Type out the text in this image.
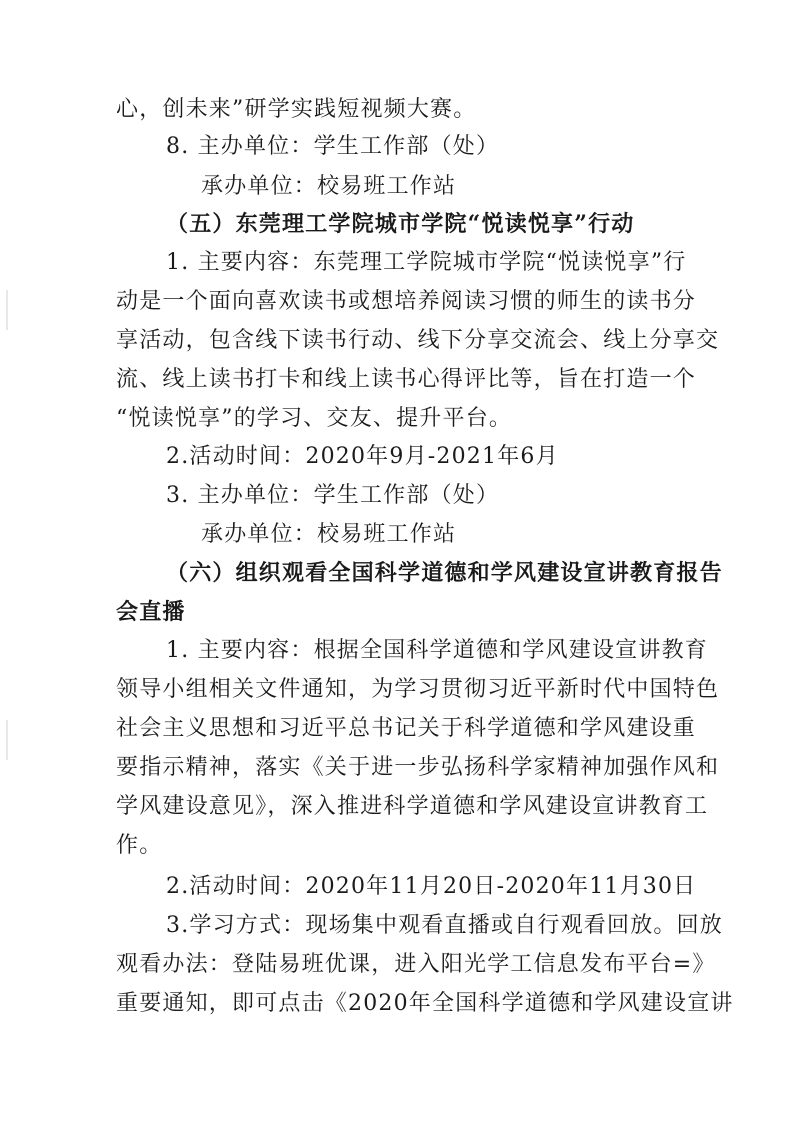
心，创未来”研学实践短视频大赛。
8. 主办单位：学生工作部（处）
承办单位：校易班工作站
（五）东莞理工学院城市学院“悦读悦享”行动
1. 主要内容：东莞理工学院城市学院“悦读悦享”行
动是一个面向喜欢读书或想培养阅读习惯的师生的读书分
享活动，包含线下读书行动、线下分享交流会、线上分享交
流、线上读书打卡和线上读书心得评比等，旨在打造一个
“悦读悦享”的学习、交友、提升平台。
2.活动时间：2020年9月-2021年6月
3. 主办单位：学生工作部（处）
承办单位：校易班工作站
（六）组织观看全国科学道德和学风建设宣讲教育报告
会直播
1. 主要内容：根据全国科学道德和学风建设宣讲教育
领导小组相关文件通知，为学习贯彻习近平新时代中国特色
社会主义思想和习近平总书记关于科学道德和学风建设重
要指示精神，落实《关于进一步弘扬科学家精神加强作风和
学风建设意见》，深入推进科学道德和学风建设宣讲教育工
作。
2.活动时间：2020年11月20日-2020年11月30日
3.学习方式：现场集中观看直播或自行观看回放。回放
观看办法：登陆易班优课，进入阳光学工信息发布平台=》
重要通知，即可点击《2020年全国科学道德和学风建设宣讲
